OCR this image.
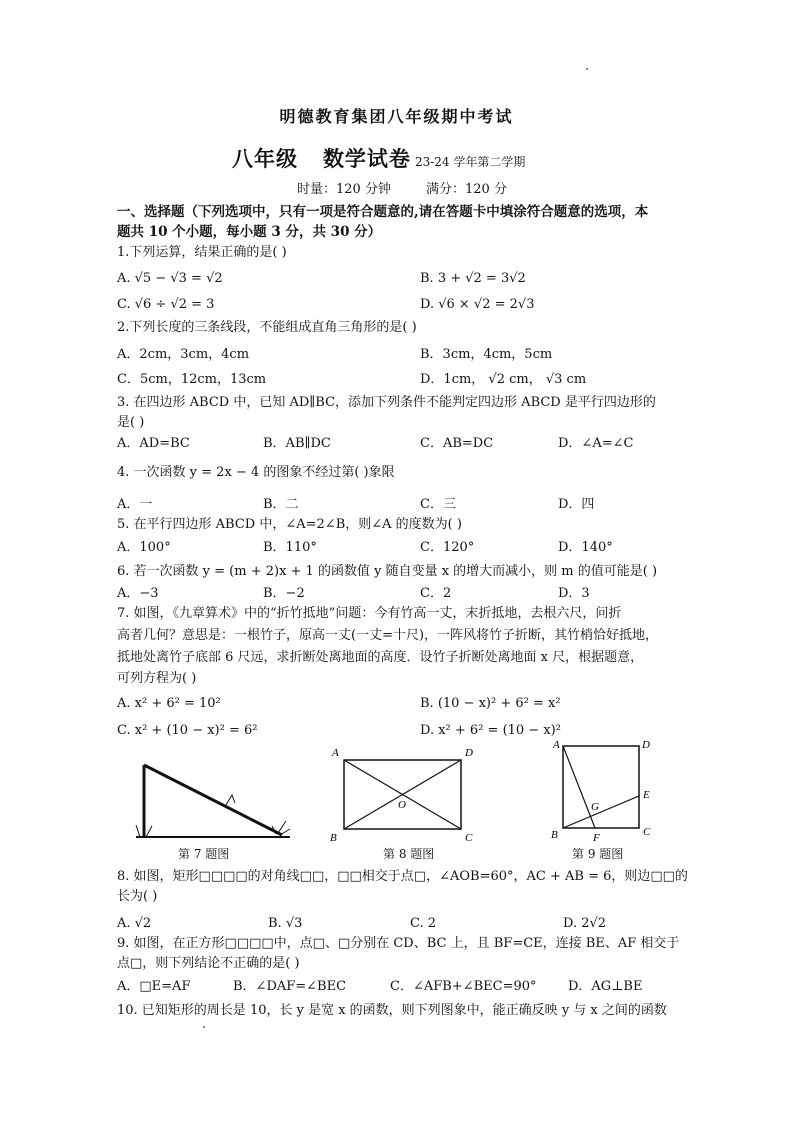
明德教育集团八年级期中考试
八年级 数学试卷 23-24 学年第二学期
时量：120 分钟	满分：120 分
一、选择题（下列选项中，只有一项是符合题意的,请在答题卡中填涂符合题意的选项，本
题共 10 个小题，每小题 3 分，共 30 分）
1.下列运算，结果正确的是( )
A. √5 − √3 = √2	B. 3 + √2 = 3√2
C. √6 ÷ √2 = 3	D. √6 × √2 = 2√3
2.下列长度的三条线段，不能组成直角三角形的是( )
A．2cm，3cm，4cm	B．3cm，4cm，5cm
C．5cm，12cm，13cm	D．1cm， √2 cm， √3 cm
3. 在四边形 ABCD 中，已知 AD∥BC，添加下列条件不能判定四边形 ABCD 是平行四边形的
是( )
A．AD=BC	B．AB∥DC	C．AB=DC	D．∠A=∠C
4. 一次函数 y = 2x − 4 的图象不经过第( )象限
A．一	B．二	C．三	D．四
5. 在平行四边形 ABCD 中，∠A=2∠B，则∠A 的度数为( )
A．100°	B．110°	C．120°	D．140°
6. 若一次函数 y = (m + 2)x + 1 的函数值 y 随自变量 x 的增大而减小，则 m 的值可能是( )
A．−3	B．−2	C．2	D．3
7. 如图，《九章算术》中的“折竹抵地”问题：今有竹高一丈，末折抵地，去根六尺，问折
高者几何？意思是：一根竹子，原高一丈(一丈=十尺)，一阵风将竹子折断，其竹梢恰好抵地，
抵地处离竹子底部 6 尺远，求折断处离地面的高度．设竹子折断处离地面 x 尺，根据题意，
可列方程为( )
A. x² + 6² = 10²	B. (10 − x)² + 6² = x²
C. x² + (10 − x)² = 6²	D. x² + 6² = (10 − x)²
第 7 题图
A	D
B	C
O
第 8 题图
A	D
B	C
E
F
G
第 9 题图
8. 如图，矩形□□□□的对角线□□，□□相交于点□，∠AOB=60°，AC + AB = 6，则边□□的
长为( )
A. √2	B. √3	C. 2	D. 2√2
9. 如图，在正方形□□□□中，点□、□分别在 CD、BC 上，且 BF=CE，连接 BE、AF 相交于
点□，则下列结论不正确的是( )
A．□E=AF	B．∠DAF=∠BEC	C．∠AFB+∠BEC=90° D．AG⊥BE
10. 已知矩形的周长是 10，长 y 是宽 x 的函数，则下列图象中，能正确反映 y 与 x 之间的函数
